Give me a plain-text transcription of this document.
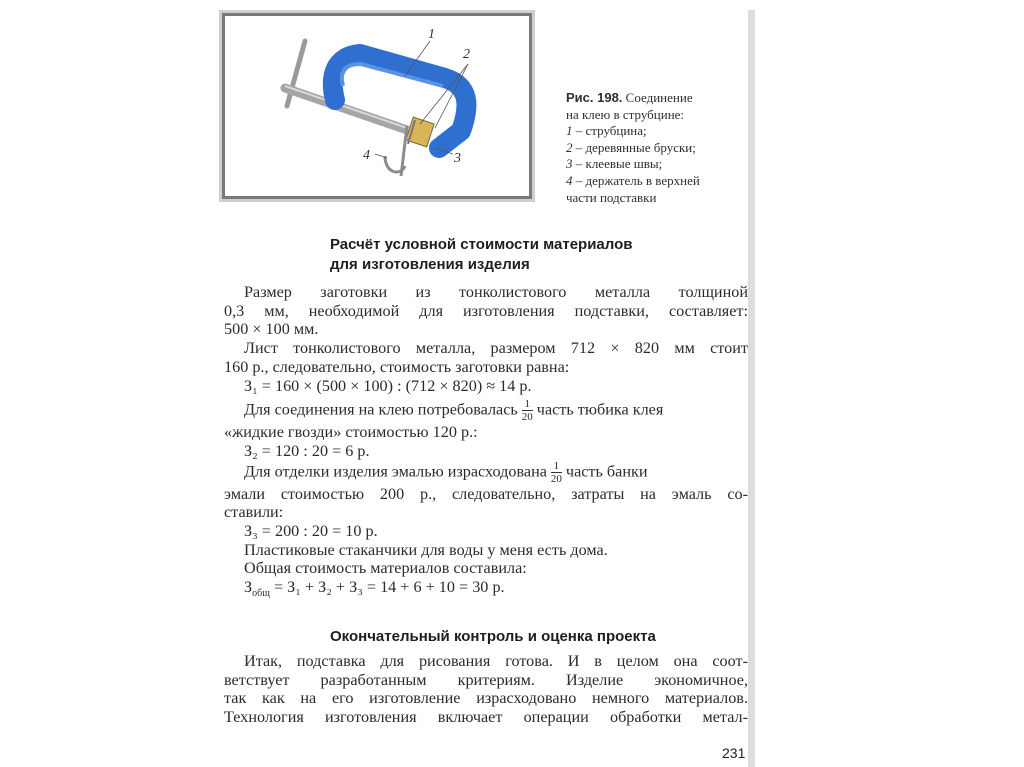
1
2
3
4
Рис. 198. Соединение
на клею в струбцине:
1 – струбцина;
2 – деревянные бруски;
3 – клеевые швы;
4 – держатель в верхней
части подставки
Расчёт условной стоимости материалов
для изготовления изделия
Размер заготовки из тонколистового металла толщиной
0,3 мм, необходимой для изготовления подставки, составляет:
500 × 100 мм.
Лист тонколистового металла, размером 712 × 820 мм стоит
160 р., следовательно, стоимость заготовки равна:
З₁ = 160 × (500 × 100) : (712 × 820) ≈ 14 р.
Для соединения на клею потребовалась $\frac{1}{20}$ часть тюбика клея
«жидкие гвозди» стоимостью 120 р.:
З₂ = 120 : 20 = 6 р.
Для отделки изделия эмалью израсходована $\frac{1}{20}$ часть банки
эмали стоимостью 200 р., следовательно, затраты на эмаль со-
ставили:
З₃ = 200 : 20 = 10 р.
Пластиковые стаканчики для воды у меня есть дома.
Общая стоимость материалов составила:
$З_{общ} = З_1 + З_2 + З_3 = 14 + 6 + 10 = 30$ р.
Окончательный контроль и оценка проекта
Итак, подставка для рисования готова. И в целом она соот-
ветствует разработанным критериям. Изделие экономичное,
так как на его изготовление израсходовано немного материалов.
Технология изготовления включает операции обработки метал-
231
